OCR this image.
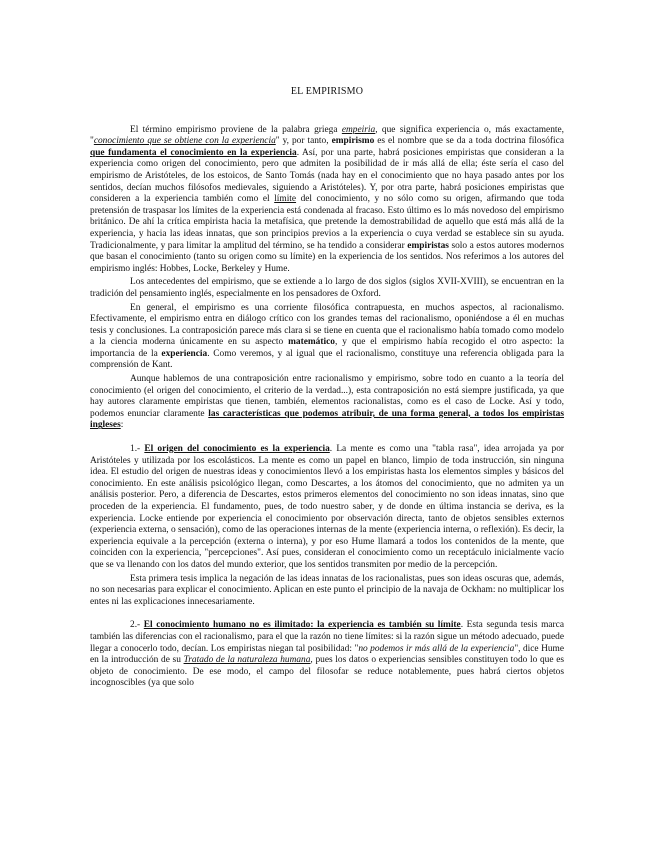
EL EMPIRISMO

El término empirismo proviene de la palabra griega empeiria, que significa experiencia o, más exactamente, "conocimiento que se obtiene con la experiencia" y, por tanto, empirismo es el nombre que se da a toda doctrina filosófica que fundamenta el conocimiento en la experiencia. Así, por una parte, habrá posiciones empiristas que consideran a la experiencia como origen del conocimiento, pero que admiten la posibilidad de ir más allá de ella; éste sería el caso del empirismo de Aristóteles, de los estoicos, de Santo Tomás (nada hay en el conocimiento que no haya pasado antes por los sentidos, decían muchos filósofos medievales, siguiendo a Aristóteles). Y, por otra parte, habrá posiciones empiristas que consideren a la experiencia también como el límite del conocimiento, y no sólo como su origen, afirmando que toda pretensión de traspasar los límites de la experiencia está condenada al fracaso. Esto último es lo más novedoso del empirismo británico. De ahí la crítica empirista hacia la metafísica, que pretende la demostrabilidad de aquello que está más allá de la experiencia, y hacia las ideas innatas, que son principios previos a la experiencia o cuya verdad se establece sin su ayuda. Tradicionalmente, y para limitar la amplitud del término, se ha tendido a considerar empiristas solo a estos autores modernos que basan el conocimiento (tanto su origen como su límite) en la experiencia de los sentidos. Nos referimos a los autores del empirismo inglés: Hobbes, Locke, Berkeley y Hume.

Los antecedentes del empirismo, que se extiende a lo largo de dos siglos (siglos XVII-XVIII), se encuentran en la tradición del pensamiento inglés, especialmente en los pensadores de Oxford.

En general, el empirismo es una corriente filosófica contrapuesta, en muchos aspectos, al racionalismo. Efectivamente, el empirismo entra en diálogo crítico con los grandes temas del racionalismo, oponiéndose a él en muchas tesis y conclusiones. La contraposición parece más clara si se tiene en cuenta que el racionalismo había tomado como modelo a la ciencia moderna únicamente en su aspecto matemático, y que el empirismo había recogido el otro aspecto: la importancia de la experiencia. Como veremos, y al igual que el racionalismo, constituye una referencia obligada para la comprensión de Kant.

Aunque hablemos de una contraposición entre racionalismo y empirismo, sobre todo en cuanto a la teoría del conocimiento (el origen del conocimiento, el criterio de la verdad...), esta contraposición no está siempre justificada, ya que hay autores claramente empiristas que tienen, también, elementos racionalistas, como es el caso de Locke. Así y todo, podemos enunciar claramente las características que podemos atribuir, de una forma general, a todos los empiristas ingleses:

1.- El origen del conocimiento es la experiencia. La mente es como una "tabla rasa", idea arrojada ya por Aristóteles y utilizada por los escolásticos. La mente es como un papel en blanco, limpio de toda instrucción, sin ninguna idea. El estudio del origen de nuestras ideas y conocimientos llevó a los empiristas hasta los elementos simples y básicos del conocimiento. En este análisis psicológico llegan, como Descartes, a los átomos del conocimiento, que no admiten ya un análisis posterior. Pero, a diferencia de Descartes, estos primeros elementos del conocimiento no son ideas innatas, sino que proceden de la experiencia. El fundamento, pues, de todo nuestro saber, y de donde en última instancia se deriva, es la experiencia. Locke entiende por experiencia el conocimiento por observación directa, tanto de objetos sensibles externos (experiencia externa, o sensación), como de las operaciones internas de la mente (experiencia interna, o reflexión). Es decir, la experiencia equivale a la percepción (externa o interna), y por eso Hume llamará a todos los contenidos de la mente, que coinciden con la experiencia, "percepciones". Así pues, consideran el conocimiento como un receptáculo inicialmente vacío que se va llenando con los datos del mundo exterior, que los sentidos transmiten por medio de la percepción.

Esta primera tesis implica la negación de las ideas innatas de los racionalistas, pues son ideas oscuras que, además, no son necesarias para explicar el conocimiento. Aplican en este punto el principio de la navaja de Ockham: no multiplicar los entes ni las explicaciones innecesariamente.

2.- El conocimiento humano no es ilimitado: la experiencia es también su límite. Esta segunda tesis marca también las diferencias con el racionalismo, para el que la razón no tiene límites: si la razón sigue un método adecuado, puede llegar a conocerlo todo, decían. Los empiristas niegan tal posibilidad: "no podemos ir más allá de la experiencia", dice Hume en la introducción de su Tratado de la naturaleza humana, pues los datos o experiencias sensibles constituyen todo lo que es objeto de conocimiento. De ese modo, el campo del filosofar se reduce notablemente, pues habrá ciertos objetos incognoscibles (ya que solo
